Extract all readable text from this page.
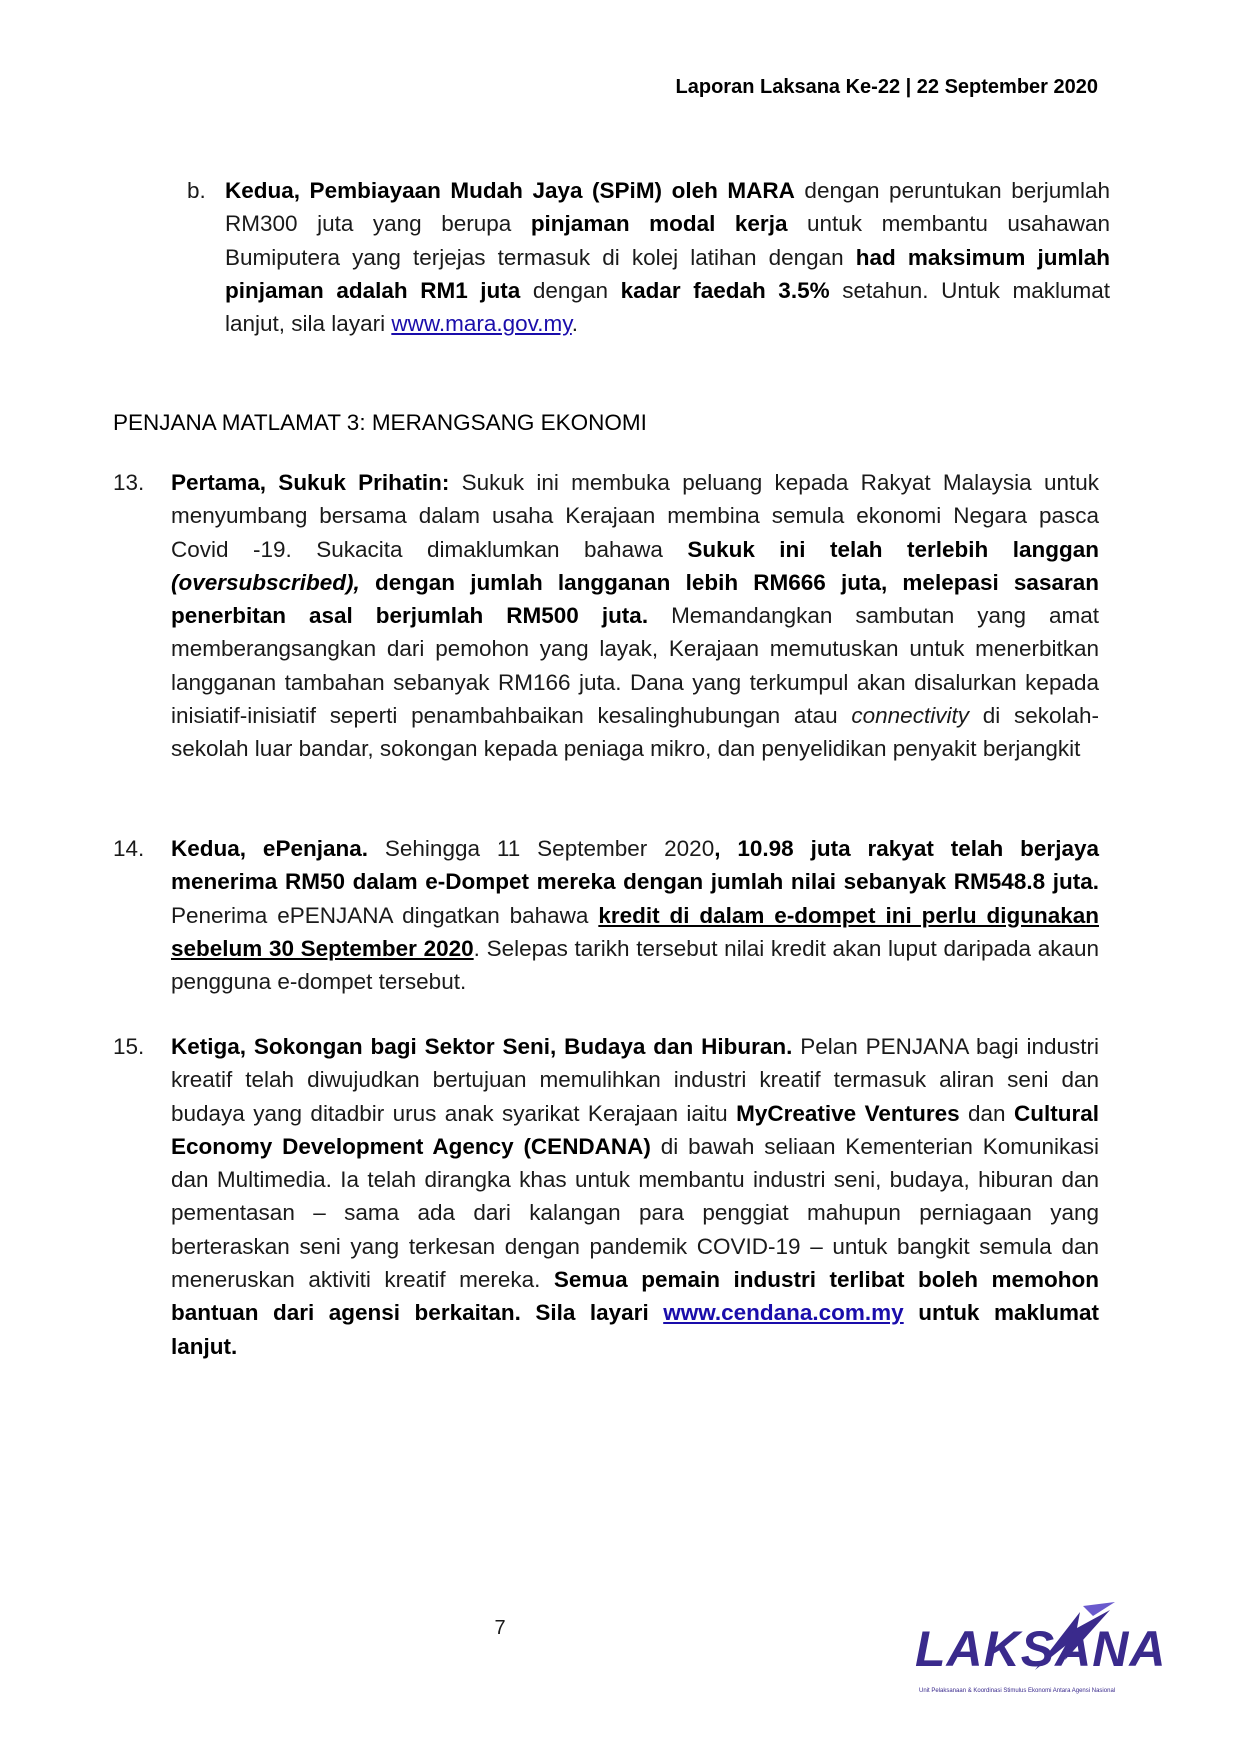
Laporan Laksana Ke-22 | 22 September 2020
b. Kedua, Pembiayaan Mudah Jaya (SPiM) oleh MARA dengan peruntukan berjumlah RM300 juta yang berupa pinjaman modal kerja untuk membantu usahawan Bumiputera yang terjejas termasuk di kolej latihan dengan had maksimum jumlah pinjaman adalah RM1 juta dengan kadar faedah 3.5% setahun. Untuk maklumat lanjut, sila layari www.mara.gov.my.
PENJANA MATLAMAT 3: MERANGSANG EKONOMI
13. Pertama, Sukuk Prihatin: Sukuk ini membuka peluang kepada Rakyat Malaysia untuk menyumbang bersama dalam usaha Kerajaan membina semula ekonomi Negara pasca Covid -19. Sukacita dimaklumkan bahawa Sukuk ini telah terlebih langgan (oversubscribed), dengan jumlah langganan lebih RM666 juta, melepasi sasaran penerbitan asal berjumlah RM500 juta. Memandangkan sambutan yang amat memberangsangkan dari pemohon yang layak, Kerajaan memutuskan untuk menerbitkan langganan tambahan sebanyak RM166 juta. Dana yang terkumpul akan disalurkan kepada inisiatif-inisiatif seperti penambahbaikan kesalinghubungan atau connectivity di sekolah-sekolah luar bandar, sokongan kepada peniaga mikro, dan penyelidikan penyakit berjangkit
14. Kedua, ePenjana. Sehingga 11 September 2020, 10.98 juta rakyat telah berjaya menerima RM50 dalam e-Dompet mereka dengan jumlah nilai sebanyak RM548.8 juta. Penerima ePENJANA dingatkan bahawa kredit di dalam e-dompet ini perlu digunakan sebelum 30 September 2020. Selepas tarikh tersebut nilai kredit akan luput daripada akaun pengguna e-dompet tersebut.
15. Ketiga, Sokongan bagi Sektor Seni, Budaya dan Hiburan. Pelan PENJANA bagi industri kreatif telah diwujudkan bertujuan memulihkan industri kreatif termasuk aliran seni dan budaya yang ditadbir urus anak syarikat Kerajaan iaitu MyCreative Ventures dan Cultural Economy Development Agency (CENDANA) di bawah seliaan Kementerian Komunikasi dan Multimedia. Ia telah dirangka khas untuk membantu industri seni, budaya, hiburan dan pementasan – sama ada dari kalangan para penggiat mahupun perniagaan yang berteraskan seni yang terkesan dengan pandemik COVID-19 – untuk bangkit semula dan meneruskan aktiviti kreatif mereka. Semua pemain industri terlibat boleh memohon bantuan dari agensi berkaitan. Sila layari www.cendana.com.my untuk maklumat lanjut.
7	LAKSANA
Unit Pelaksanaan & Koordinasi Stimulus Ekonomi Antara Agensi Nasional
